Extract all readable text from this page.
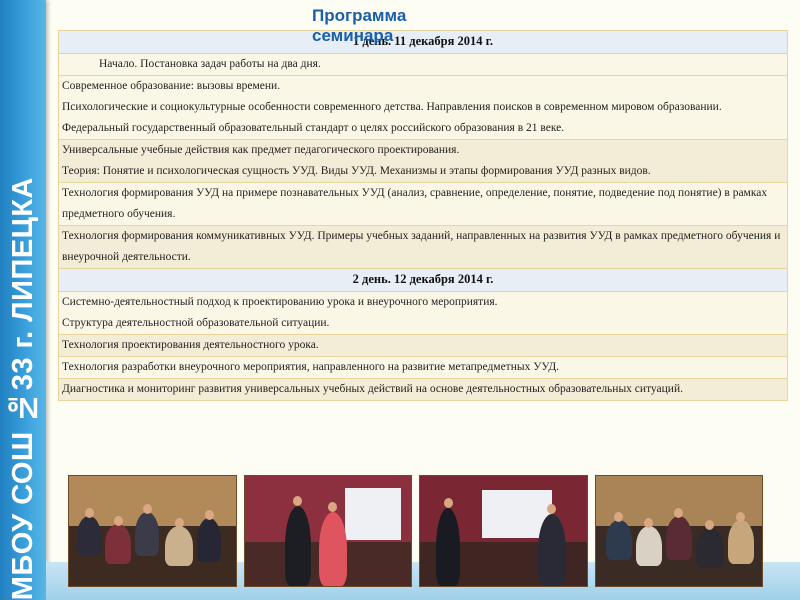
МБОУ СОШ №33 г. ЛИПЕЦКА
Программа
семинара
1 день. 11 декабря 2014 г.

Начало. Постановка задач работы на два дня.

Современное образование: вызовы времени.
Психологические и социокультурные особенности современного детства. Направления поисков в современном мировом образовании. Федеральный государственный образовательный стандарт о целях российского образования в 21 веке.

Универсальные учебные действия как предмет педагогического проектирования.
Теория: Понятие и психологическая сущность УУД. Виды УУД. Механизмы и этапы формирования УУД разных видов.

Технология формирования УУД на примере познавательных УУД (анализ, сравнение, определение, понятие, подведение под понятие) в рамках предметного обучения.

Технология формирования коммуникативных УУД. Примеры учебных заданий, направленных на развития УУД в рамках предметного обучения и внеурочной деятельности.

2 день. 12 декабря 2014 г.

Системно-деятельностный подход к проектированию урока и внеурочного мероприятия.
Структура деятельностной образовательной ситуации.

Технология проектирования деятельностного урока.

Технология разработки внеурочного мероприятия, направленного на развитие метапредметных УУД.

Диагностика и мониторинг развития универсальных учебных действий на основе деятельностных образовательных ситуаций.
